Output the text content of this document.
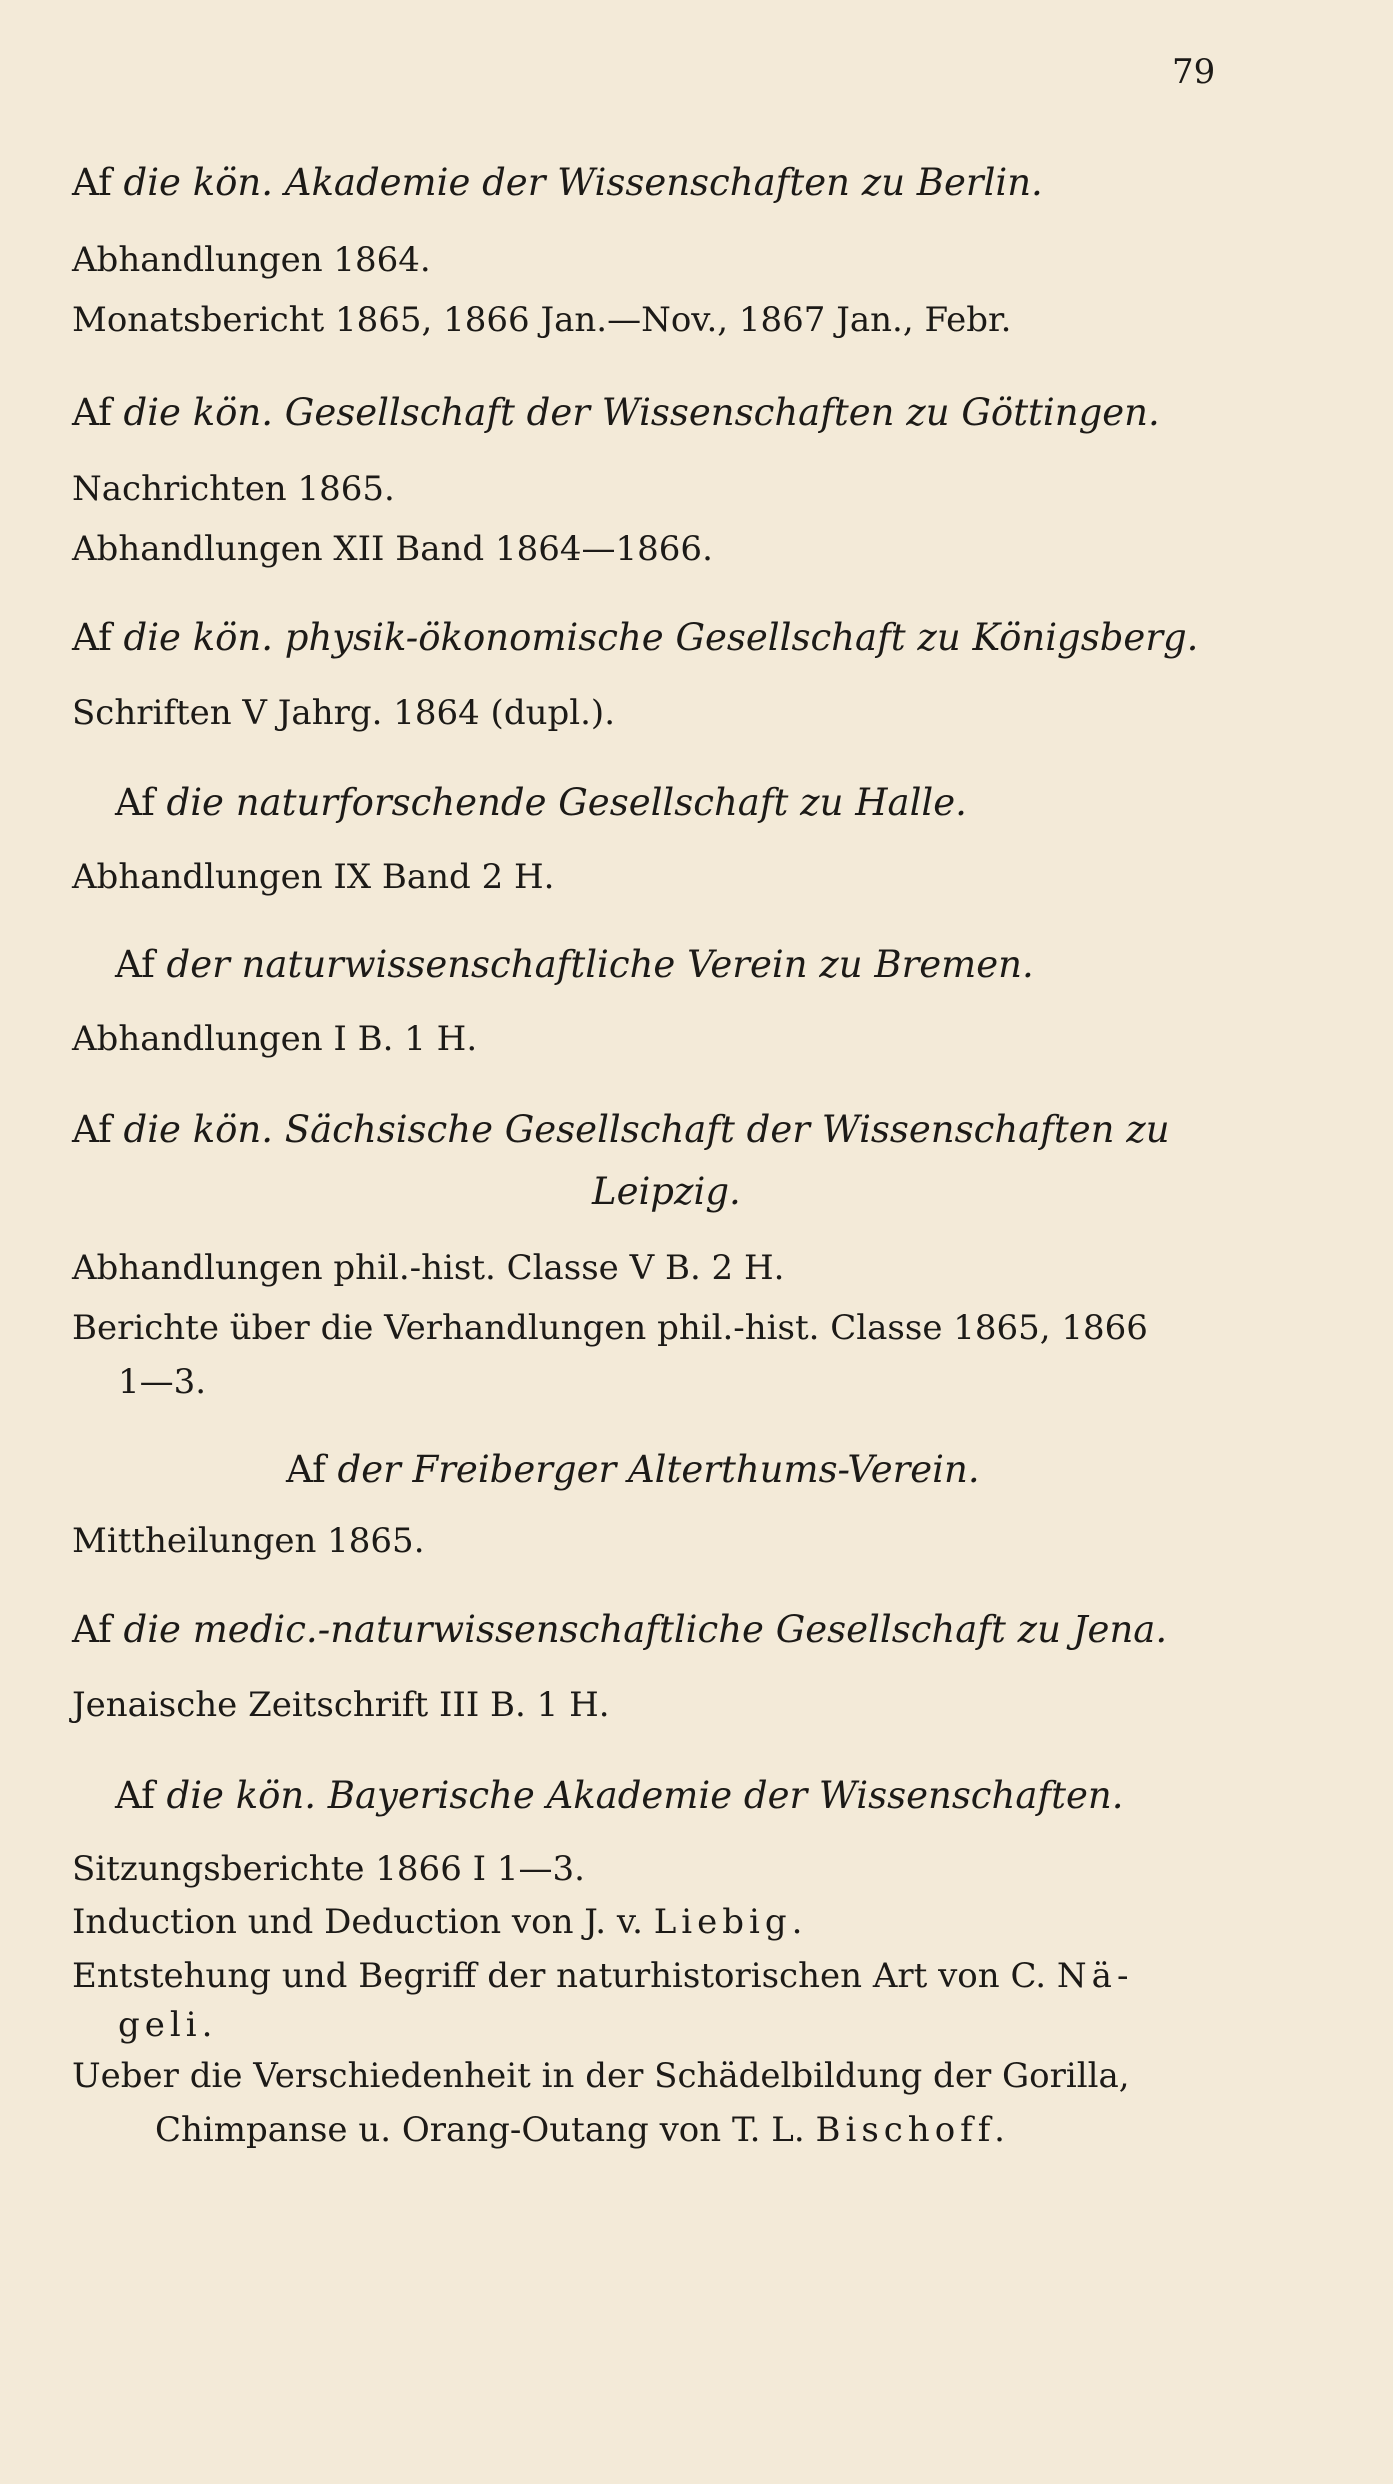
79
Af die kön. Akademie der Wissenschaften zu Berlin.
Abhandlungen 1864.
Monatsbericht 1865, 1866 Jan.—Nov., 1867 Jan., Febr.
Af die kön. Gesellschaft der Wissenschaften zu Göttingen.
Nachrichten 1865.
Abhandlungen XII Band 1864—1866.
Af die kön. physik-ökonomische Gesellschaft zu Königsberg.
Schriften V Jahrg. 1864 (dupl.).
Af die naturforschende Gesellschaft zu Halle.
Abhandlungen IX Band 2 H.
Af der naturwissenschaftliche Verein zu Bremen.
Abhandlungen I B. 1 H.
Af die kön. Sächsische Gesellschaft der Wissenschaften zu
Leipzig.
Abhandlungen phil.-hist. Classe V B. 2 H.
Berichte über die Verhandlungen phil.-hist. Classe 1865, 1866
1—3.
Af der Freiberger Alterthums-Verein.
Mittheilungen 1865.
Af die medic.-naturwissenschaftliche Gesellschaft zu Jena.
Jenaische Zeitschrift III B. 1 H.
Af die kön. Bayerische Akademie der Wissenschaften.
Sitzungsberichte 1866 I 1—3.
Induction und Deduction von J. v. Liebig.
Entstehung und Begriff der naturhistorischen Art von C. Nä-
geli.
Ueber die Verschiedenheit in der Schädelbildung der Gorilla,
Chimpanse u. Orang-Outang von T. L. Bischoff.
